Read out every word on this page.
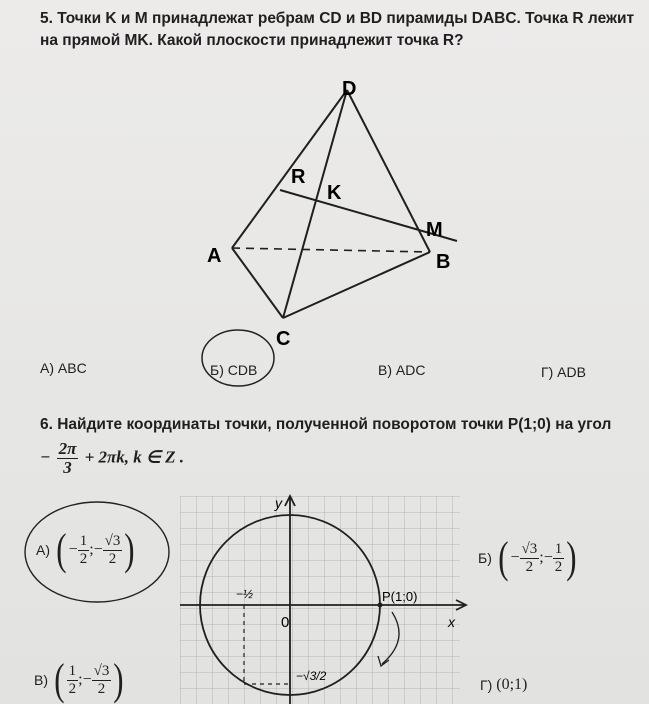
5. Точки K и M принадлежат ребрам CD и BD пирамиды DABC. Точка R лежит на прямой MK. Какой плоскости принадлежит точка R?

D
A	B
C
R
K
M
А) ABC	Б) CDB	В) ADC	Г) ADB

6. Найдите координаты точки, полученной поворотом точки P(1;0) на угол

− $\frac{2\pi}{3} + 2\pi k$, k ∈ Z .
0	x
y
P(1;0)
−½
−√3/2
А) ( − $\frac{1}{2}$ ; − $\frac{√3}{2}$ )	Б) ( − $\frac{√3}{2}$ ; − $\frac{1}{2}$ )
В) ( $\frac{1}{2}$ ; − $\frac{√3}{2}$ )	Г) (0;1)
